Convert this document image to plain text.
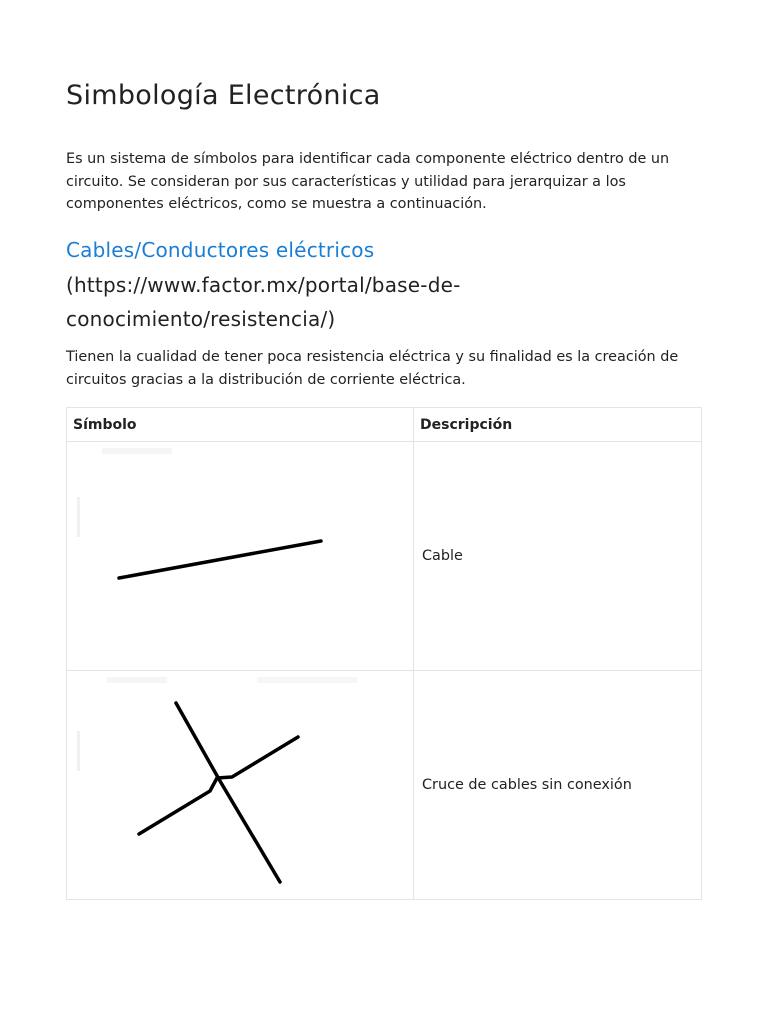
Simbología Electrónica

Es un sistema de símbolos para identificar cada componente eléctrico dentro de un circuito. Se consideran por sus características y utilidad para jerarquizar a los componentes eléctricos, como se muestra a continuación.

Cables/Conductores eléctricos
(https://www.factor.mx/portal/base-de-conocimiento/resistencia/)

Tienen la cualidad de tener poca resistencia eléctrica y su finalidad es la creación de circuitos gracias a la distribución de corriente eléctrica.

Símbolo	Descripción

	Cable

	Cruce de cables sin conexión
